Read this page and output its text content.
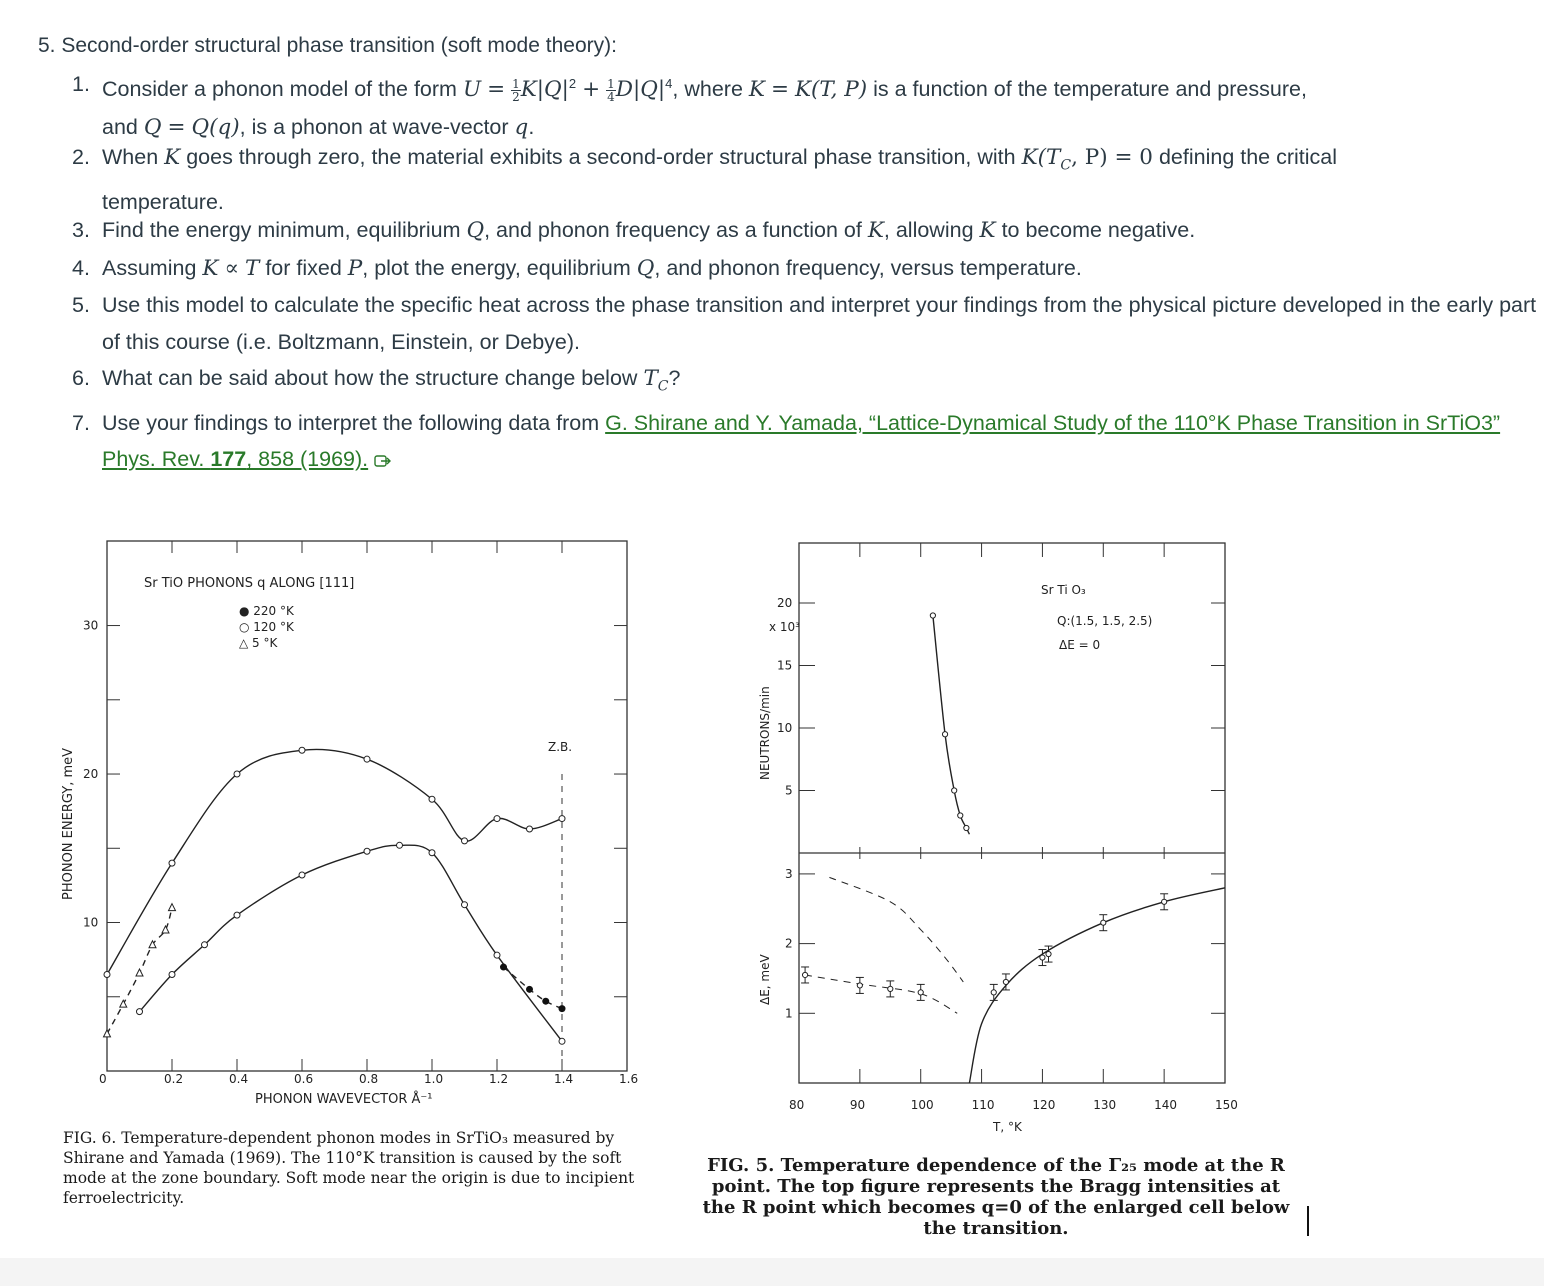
5. Second-order structural phase transition (soft mode theory):
1. Consider a phonon model of the form $U = \frac{1}{2} K|Q|^2 + \frac{1}{4} D|Q|^4$, where K = K(T, P) is a function of the temperature and pressure,
and Q = Q(q), is a phonon at wave-vector q.
2. When K goes through zero, the material exhibits a second-order structural phase transition, with $K(T_C$, P) = 0 defining the critical
temperature.
3. Find the energy minimum, equilibrium Q, and phonon frequency as a function of K, allowing K to become negative.
4. Assuming K ∝ T for fixed P, plot the energy, equilibrium Q, and phonon frequency, versus temperature.
5. Use this model to calculate the specific heat across the phase transition and interpret your findings from the physical picture developed in the early part of this course (i.e. Boltzmann, Einstein, or Debye).
6. What can be said about how the structure change below $T_C$?
7. Use your findings to interpret the following data from G. Shirane and Y. Yamada, “Lattice-Dynamical Study of the 110°K Phase Transition in SrTiO3” Phys. Rev. 177, 858 (1969).
Sr TiO PHONONS q ALONG [111]
● 220 °K
○ 120 °K
△ 5 °K
Z.B.
PHONON WAVEVECTOR Å⁻¹
PHONON ENERGY, meV
0	0.2	0.4	0.6	0.8	1.0	1.2	1.4	1.6
10
20
30
FIG. 6. Temperature-dependent phonon modes in SrTiO₃ measured by Shirane and Yamada (1969). The 110°K transition is caused by the soft mode at the zone boundary. Soft mode near the origin is due to incipient ferroelectricity.
Sr Ti O₃
Q:(1.5, 1.5, 2.5)
ΔE = 0
x 10³
NEUTRONS/min
ΔE, meV
T, °K
80	90	100	110	120	130	140	150
5
10
15
20
1
2
3
FIG. 5. Temperature dependence of the Γ₂₅ mode at the R point. The top figure represents the Bragg intensities at the R point which becomes q=0 of the enlarged cell below the transition.
